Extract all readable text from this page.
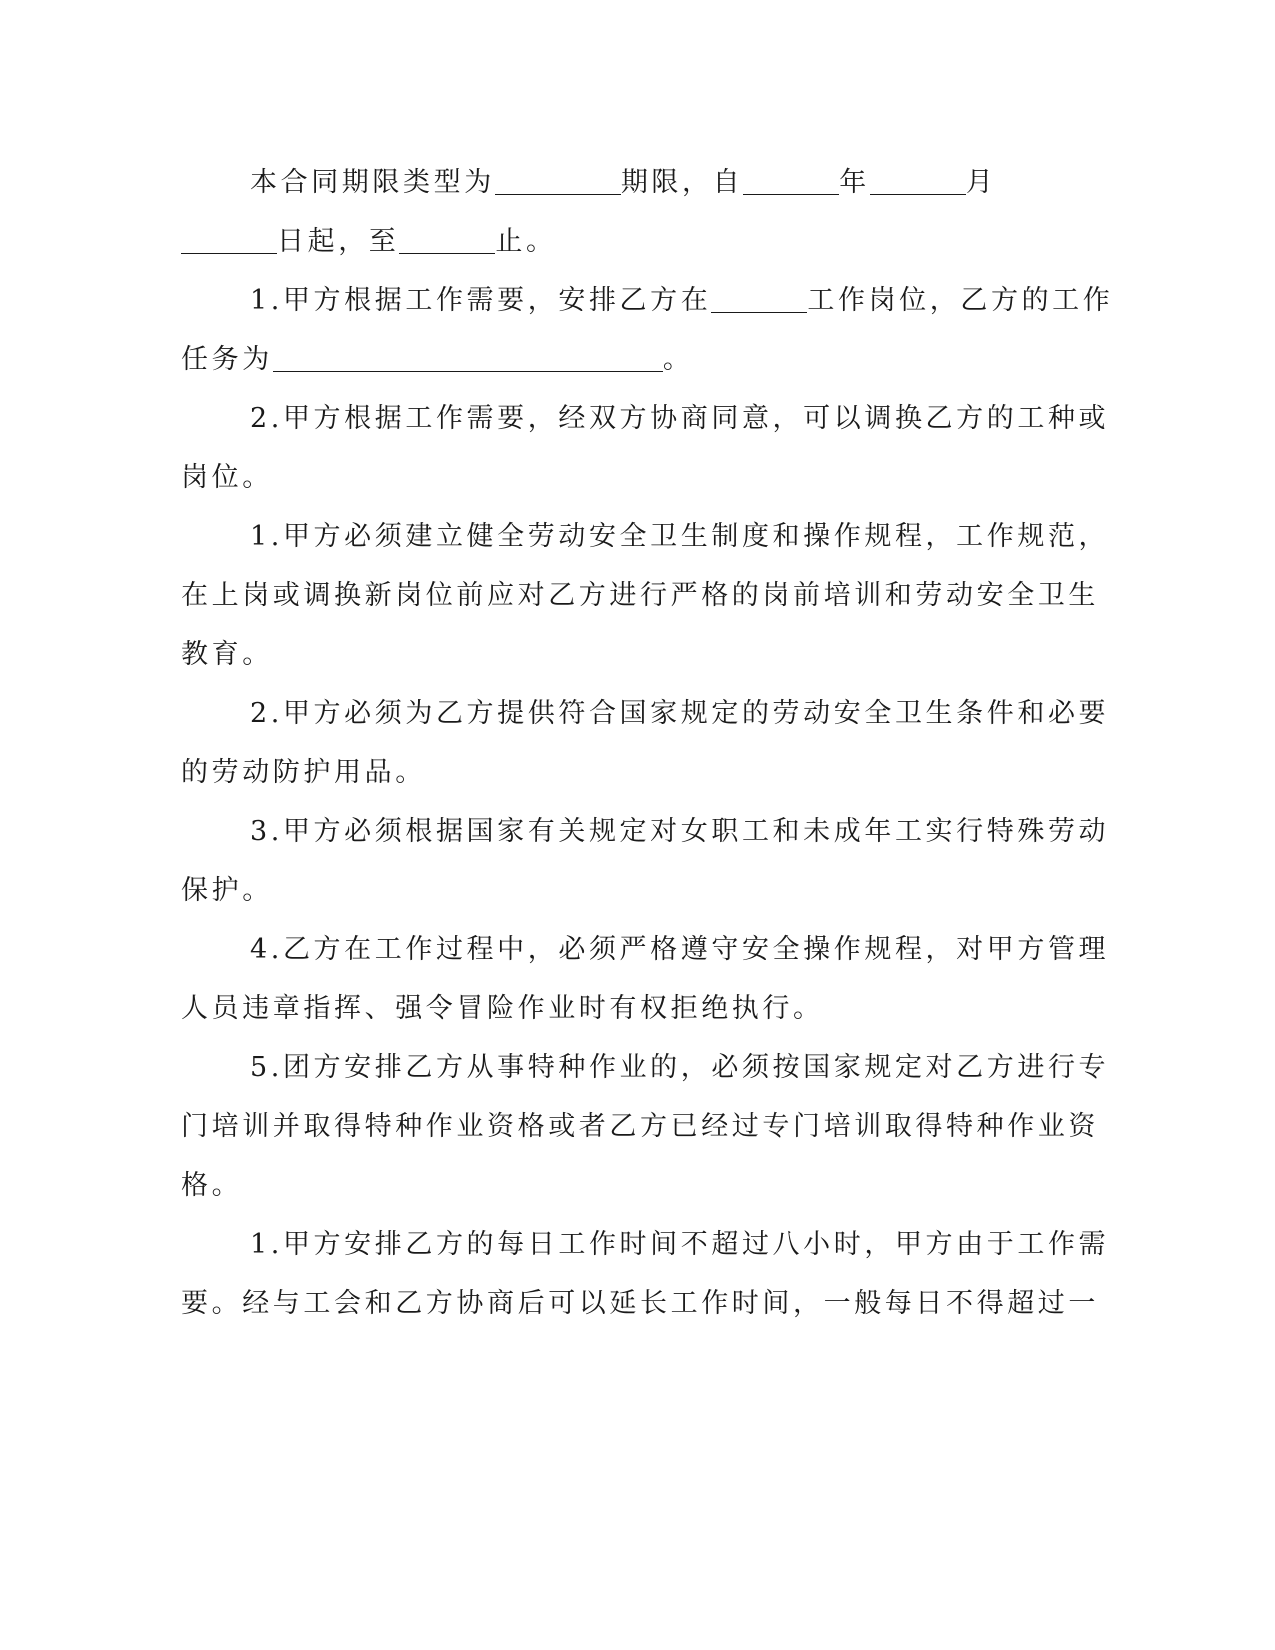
本合同期限类型为	期限，自	年	月
日起，至	止。

1.甲方根据工作需要，安排乙方在	工作岗位，乙方的工作
任务为	。

2.甲方根据工作需要，经双方协商同意，可以调换乙方的工种或
岗位。

1.甲方必须建立健全劳动安全卫生制度和操作规程，工作规范，
在上岗或调换新岗位前应对乙方进行严格的岗前培训和劳动安全卫生
教育。

2.甲方必须为乙方提供符合国家规定的劳动安全卫生条件和必要
的劳动防护用品。

3.甲方必须根据国家有关规定对女职工和未成年工实行特殊劳动
保护。

4.乙方在工作过程中，必须严格遵守安全操作规程，对甲方管理
人员违章指挥、强令冒险作业时有权拒绝执行。

5.团方安排乙方从事特种作业的，必须按国家规定对乙方进行专
门培训并取得特种作业资格或者乙方已经过专门培训取得特种作业资
格。

1.甲方安排乙方的每日工作时间不超过八小时，甲方由于工作需
要。经与工会和乙方协商后可以延长工作时间，一般每日不得超过一
